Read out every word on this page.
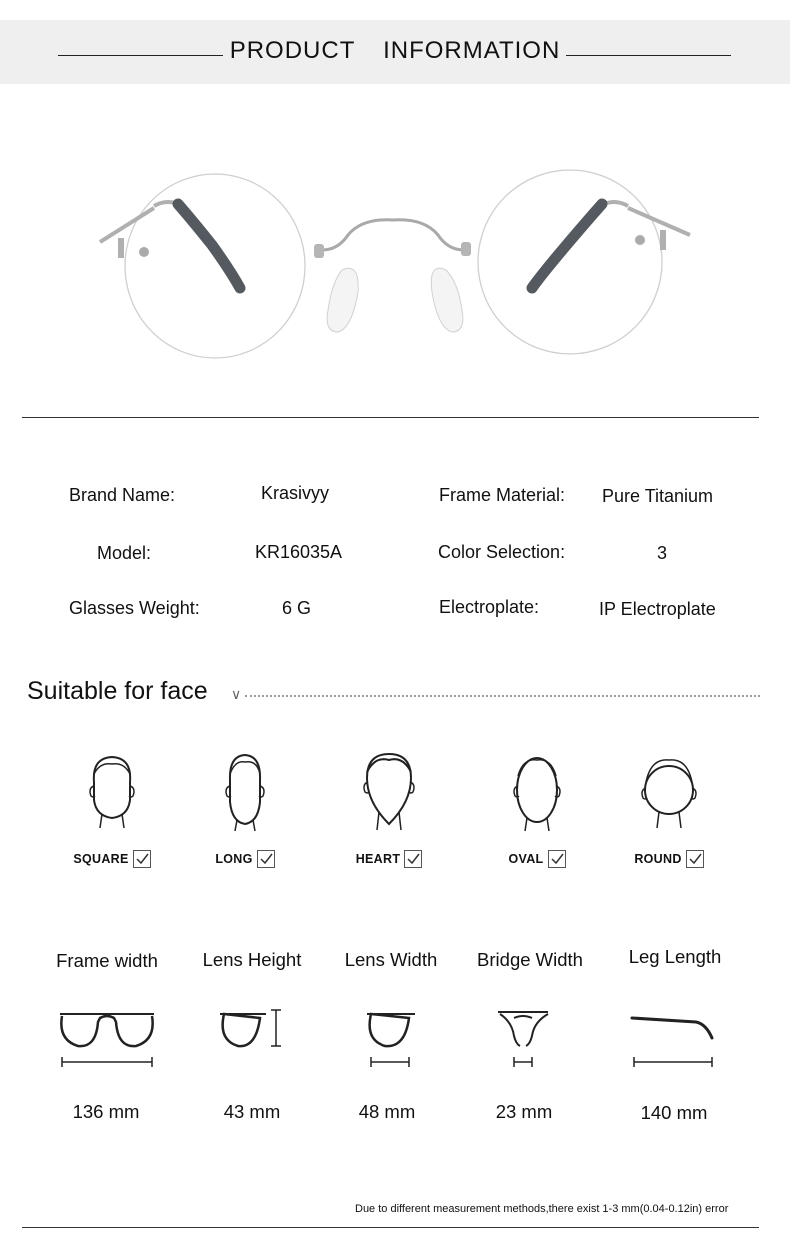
PRODUCT INFORMATION
Brand Name:	Krasivyy	Frame Material: Pure Titanium
Model:	KR16035A	Color Selection:	3
Glasses Weight:	6 G	Electroplate:	IP Electroplate
Suitable for face ∨
SQUARE	LONG	HEART	OVAL	ROUND
Frame width	Lens Height	Lens Width	Bridge Width	Leg Length
136 mm	43 mm	48 mm	23 mm	140 mm
Due to different measurement methods,there exist 1-3 mm(0.04-0.12in) error
